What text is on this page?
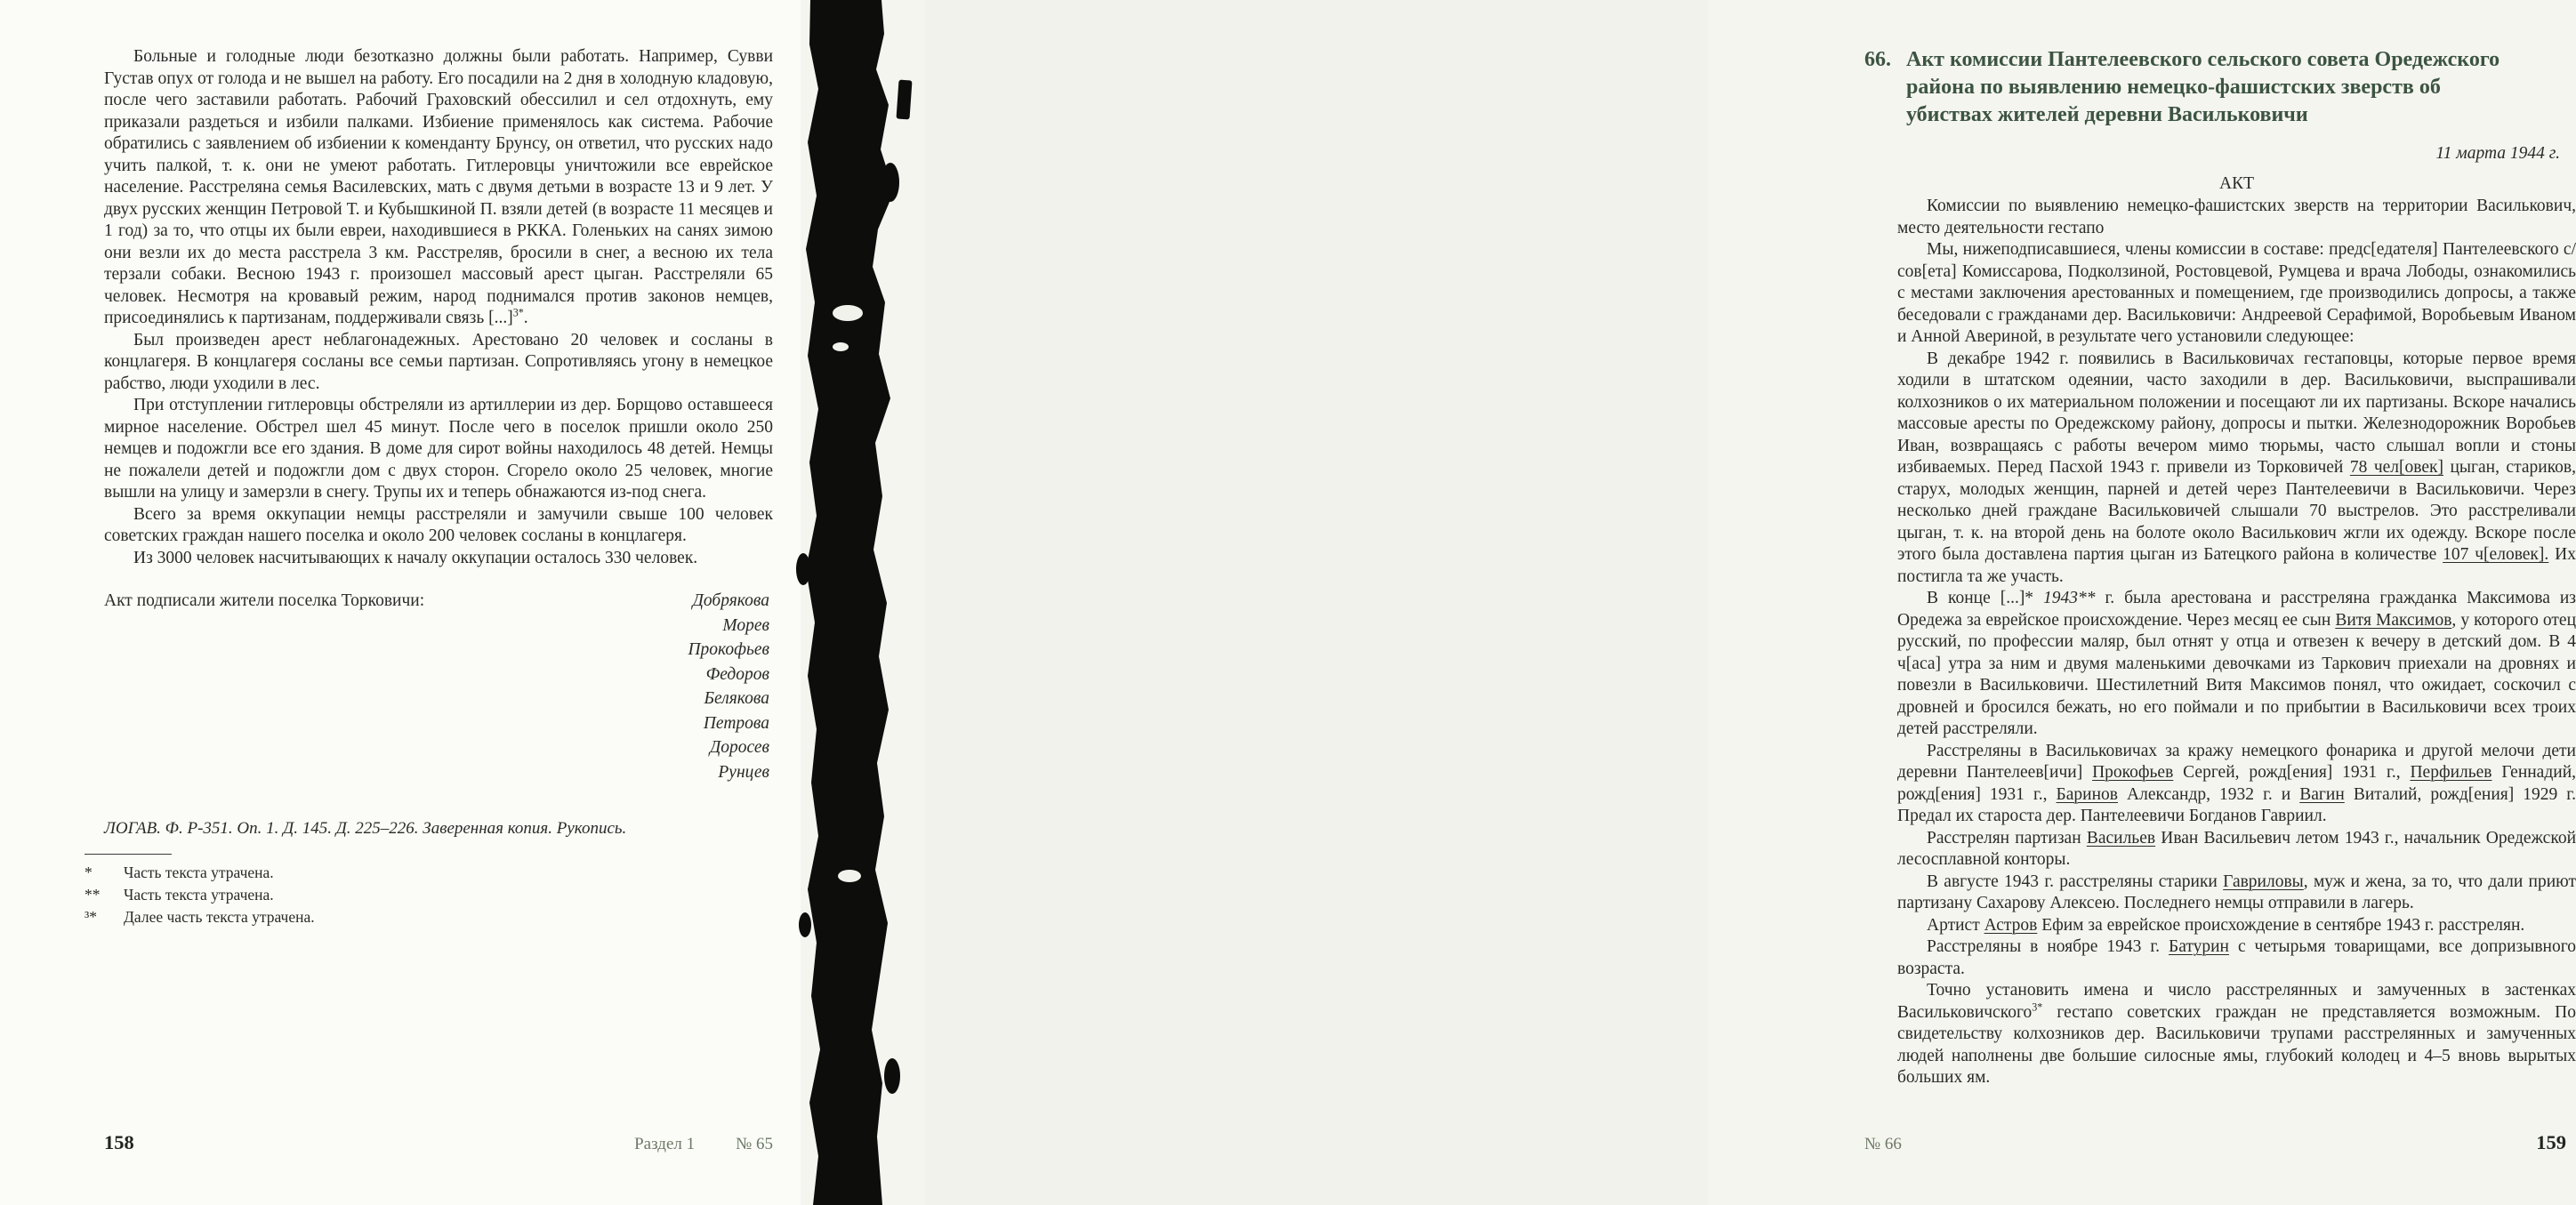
Больные и голодные люди безотказно должны были работать. Например, Сувви Густав опух от голода и не вышел на работу. Его посадили на 2 дня в холодную кладовую, после чего заставили работать. Рабочий Граховский обессилил и сел отдохнуть, ему приказали раздеться и избили палками. Избиение применялось как система. Рабочие обратились с заявлением об избиении к коменданту Брунсу, он ответил, что русских надо учить палкой, т. к. они не умеют работать. Гитлеровцы уничтожили все еврейское население. Расстреляна семья Василевских, мать с двумя детьми в возрасте 13 и 9 лет. У двух русских женщин Петровой Т. и Кубышкиной П. взяли детей (в возрасте 11 месяцев и 1 год) за то, что отцы их были евреи, находившиеся в РККА. Голеньких на санях зимою они везли их до места расстрела 3 км. Расстреляв, бросили в снег, а весною их тела терзали собаки. Весною 1943 г. произошел массовый арест цыган. Расстреляли 65 человек. Несмотря на кровавый режим, народ поднимался против законов немцев, присоединялись к партизанам, поддерживали связь [...]$^{3*}$.

Был произведен арест неблагонадежных. Арестовано 20 человек и сосланы в концлагеря. В концлагеря сосланы все семьи партизан. Сопротивляясь угону в немецкое рабство, люди уходили в лес.

При отступлении гитлеровцы обстреляли из артиллерии из дер. Борщово оставшееся мирное население. Обстрел шел 45 минут. После чего в поселок пришли около 250 немцев и подожгли все его здания. В доме для сирот войны находилось 48 детей. Немцы не пожалели детей и подожгли дом с двух сторон. Сгорело около 25 человек, многие вышли на улицу и замерзли в снегу. Трупы их и теперь обнажаются из-под снега.

Всего за время оккупации немцы расстреляли и замучили свыше 100 человек советских граждан нашего поселка и около 200 человек сосланы в концлагеря.

Из 3000 человек насчитывающих к началу оккупации осталось 330 человек.

Акт подписали жители поселка Торковичи:	Добрякова
Морев
Прокофьев
Федоров
Белякова
Петрова
Доросев
Рунцев

ЛОГАВ. Ф. Р-351. Оп. 1. Д. 145. Д. 225–226. Заверенная копия. Рукопись.

*	Часть текста утрачена.
**	Часть текста утрачена.
³*	Далее часть текста утрачена.
158	Раздел 1 № 65
66. Акт комиссии Пантелеевского сельского совета Оредежского района по выявлению немецко-фашистских зверств об убиствах жителей деревни Васильковичи
11 марта 1944 г.

АКТ

Комиссии по выявлению немецко-фашистских зверств на территории Василькович, место деятельности гестапо

Мы, нижеподписавшиеся, члены комиссии в составе: предс[едателя] Пантелеевского с/сов[ета] Комиссарова, Подколзиной, Ростовцевой, Румцева и врача Лободы, ознакомились с местами заключения арестованных и помещением, где производились допросы, а также беседовали с гражданами дер. Васильковичи: Андреевой Серафимой, Воробьевым Иваном и Анной Авериной, в результате чего установили следующее:

В декабре 1942 г. появились в Васильковичах гестаповцы, которые первое время ходили в штатском одеянии, часто заходили в дер. Васильковичи, выспрашивали колхозников о их материальном положении и посещают ли их партизаны. Вскоре начались массовые аресты по Оредежскому району, допросы и пытки. Железнодорожник Воробьев Иван, возвращаясь с работы вечером мимо тюрьмы, часто слышал вопли и стоны избиваемых. Перед Пасхой 1943 г. привели из Торковичей 78 чел[овек] цыган, стариков, старух, молодых женщин, парней и детей через Пантелеевичи в Васильковичи. Через несколько дней граждане Васильковичей слышали 70 выстрелов. Это расстреливали цыган, т. к. на второй день на болоте около Василькович жгли их одежду. Вскоре после этого была доставлена партия цыган из Батецкого района в количестве 107 ч[еловек]. Их постигла та же участь.

В конце [...]* 1943** г. была арестована и расстреляна гражданка Максимова из Оредежа за еврейское происхождение. Через месяц ее сын Витя Максимов, у которого отец русский, по профессии маляр, был отнят у отца и отвезен к вечеру в детский дом. В 4 ч[аса] утра за ним и двумя маленькими девочками из Таркович приехали на дровнях и повезли в Васильковичи. Шестилетний Витя Максимов понял, что ожидает, соскочил с дровней и бросился бежать, но его поймали и по прибытии в Васильковичи всех троих детей расстреляли.

Расстреляны в Васильковичах за кражу немецкого фонарика и другой мелочи дети деревни Пантелеев[ичи] Прокофьев Сергей, рожд[ения] 1931 г., Перфильев Геннадий, рожд[ения] 1931 г., Баринов Александр, 1932 г. и Вагин Виталий, рожд[ения] 1929 г. Предал их староста дер. Пантелеевичи Богданов Гавриил.

Расстрелян партизан Васильев Иван Васильевич летом 1943 г., начальник Оредежской лесосплавной конторы.

В августе 1943 г. расстреляны старики Гавриловы, муж и жена, за то, что дали приют партизану Сахарову Алексею. Последнего немцы отправили в лагерь.

Артист Астров Ефим за еврейское происхождение в сентябре 1943 г. расстрелян.

Расстреляны в ноябре 1943 г. Батурин с четырьмя товарищами, все допризывного возраста.

Точно установить имена и число расстрелянных и замученных в застенках Васильковичского$^{3*}$ гестапо советских граждан не представляется возможным. По свидетельству колхозников дер. Васильковичи трупами расстрелянных и замученных людей наполнены две большие силосные ямы, глубокий колодец и 4–5 вновь вырытых больших ям.

№ 66	159
